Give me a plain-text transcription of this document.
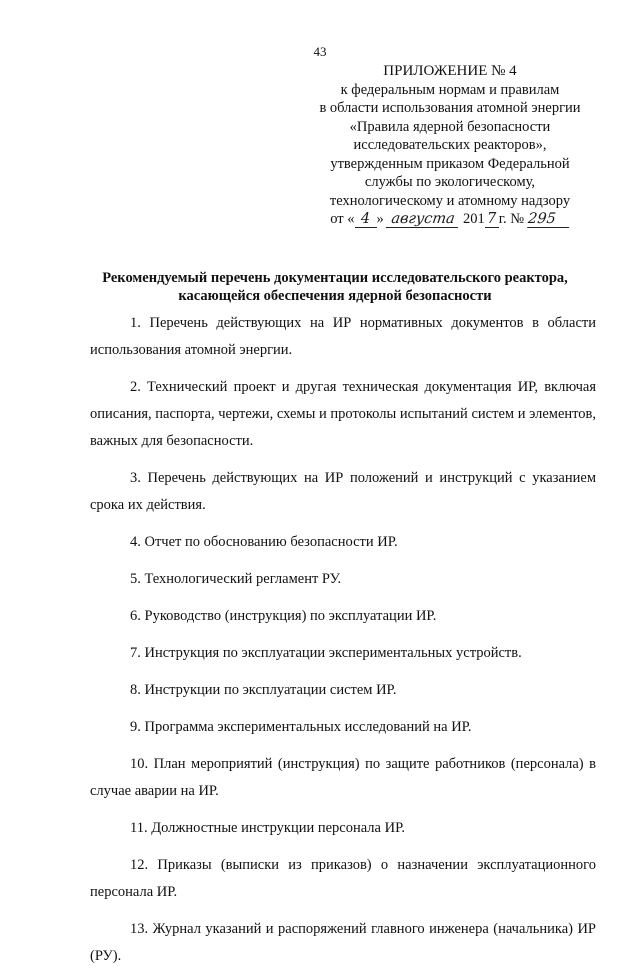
43
ПРИЛОЖЕНИЕ № 4
к федеральным нормам и правилам
в области использования атомной энергии
«Правила ядерной безопасности
исследовательских реакторов»,
утвержденным приказом Федеральной
службы по экологическому,
технологическому и атомному надзору
от « 4 » августа 201 7 г. № 295
Рекомендуемый перечень документации исследовательского реактора,
касающейся обеспечения ядерной безопасности

1. Перечень действующих на ИР нормативных документов в области использования атомной энергии.

2. Технический проект и другая техническая документация ИР, включая описания, паспорта, чертежи, схемы и протоколы испытаний систем и элементов, важных для безопасности.

3. Перечень действующих на ИР положений и инструкций с указанием срока их действия.

4. Отчет по обоснованию безопасности ИР.

5. Технологический регламент РУ.

6. Руководство (инструкция) по эксплуатации ИР.

7. Инструкция по эксплуатации экспериментальных устройств.

8. Инструкции по эксплуатации систем ИР.

9. Программа экспериментальных исследований на ИР.

10. План мероприятий (инструкция) по защите работников (персонала) в случае аварии на ИР.

11. Должностные инструкции персонала ИР.

12. Приказы (выписки из приказов) о назначении эксплуатационного персонала ИР.

13. Журнал указаний и распоряжений главного инженера (начальника) ИР (РУ).
